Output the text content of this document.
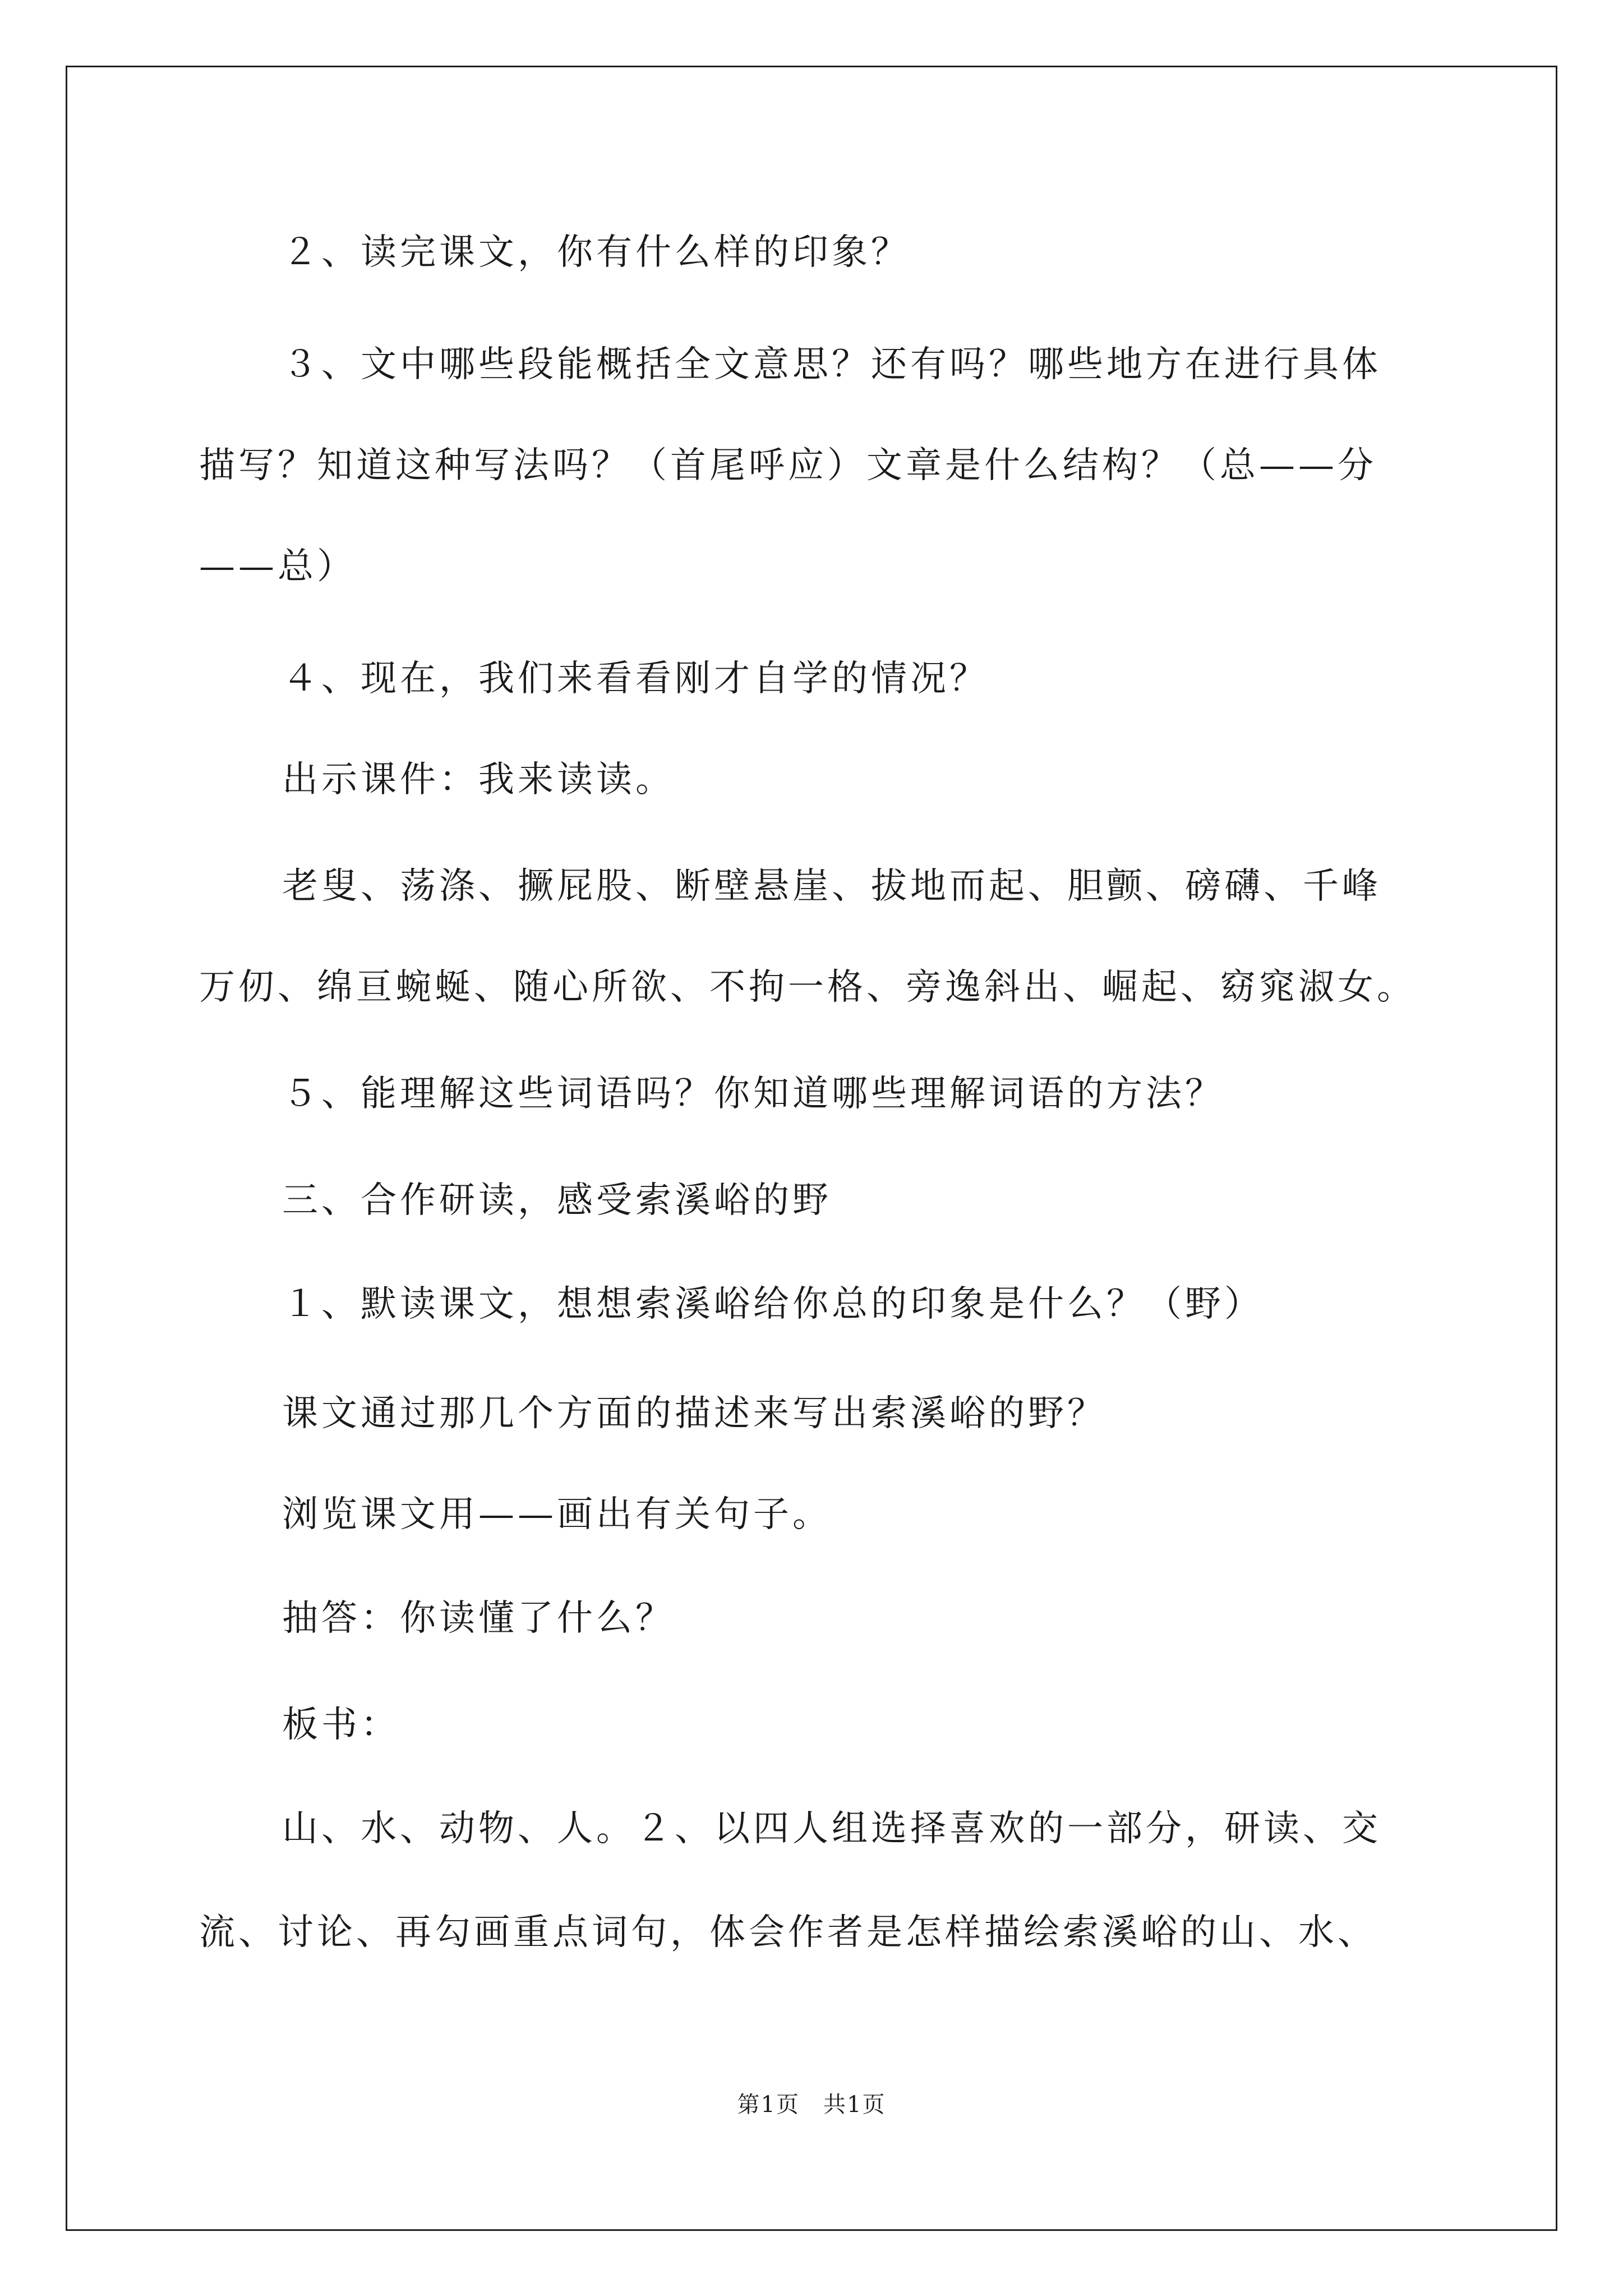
２、读完课文，你有什么样的印象？
３、文中哪些段能概括全文意思？还有吗？哪些地方在进行具体
描写？知道这种写法吗？（首尾呼应）文章是什么结构？（总——分
——总）
４、现在，我们来看看刚才自学的情况？
出示课件：我来读读。
老叟、荡涤、撅屁股、断壁悬崖、拔地而起、胆颤、磅礴、千峰
万仞、绵亘蜿蜒、随心所欲、不拘一格、旁逸斜出、崛起、窈窕淑女。
５、能理解这些词语吗？你知道哪些理解词语的方法？
三、合作研读，感受索溪峪的野
１、默读课文，想想索溪峪给你总的印象是什么？（野）
课文通过那几个方面的描述来写出索溪峪的野？
浏览课文用——画出有关句子。
抽答：你读懂了什么？
板书：
山、水、动物、人。２、以四人组选择喜欢的一部分，研读、交
流、讨论、再勾画重点词句，体会作者是怎样描绘索溪峪的山、水、
第1页　共1页
